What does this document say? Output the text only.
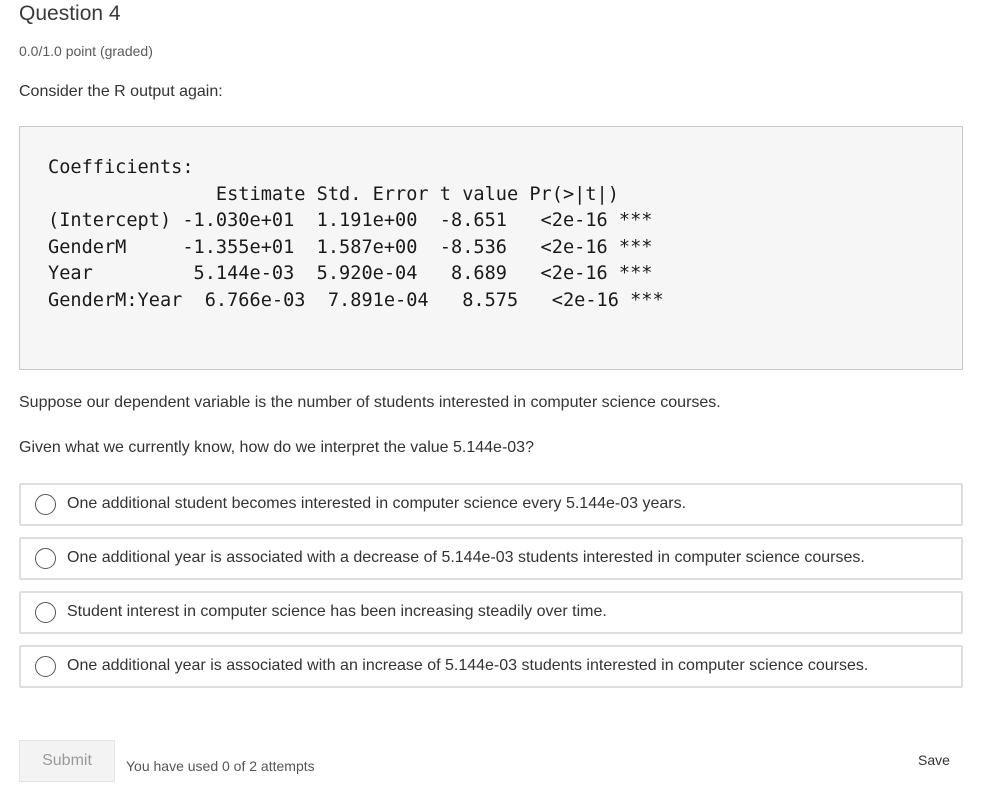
Question 4
0.0/1.0 point (graded)
Consider the R output again:
Coefficients:
Estimate Std. Error t value Pr(>|t|)
(Intercept) -1.030e+01  1.191e+00  -8.651   <2e-16 ***
GenderM     -1.355e+01  1.587e+00  -8.536   <2e-16 ***
Year         5.144e-03  5.920e-04   8.689   <2e-16 ***
GenderM:Year  6.766e-03  7.891e-04   8.575   <2e-16 ***
Suppose our dependent variable is the number of students interested in computer science courses.
Given what we currently know, how do we interpret the value 5.144e-03?
One additional student becomes interested in computer science every 5.144e-03 years.
One additional year is associated with a decrease of 5.144e-03 students interested in computer science courses.
Student interest in computer science has been increasing steadily over time.
One additional year is associated with an increase of 5.144e-03 students interested in computer science courses.
Submit	You have used 0 of 2 attempts	Save
